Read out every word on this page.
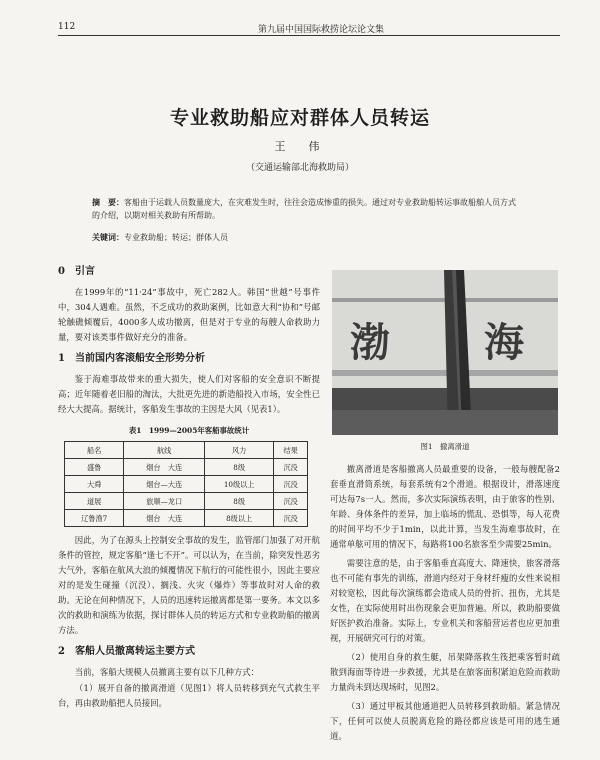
112	第九届中国国际救捞论坛论文集
专业救助船应对群体人员转运
王　伟
（交通运输部北海救助局）
摘　要：客船由于运载人员数量庞大，在灾难发生时，往往会造成惨重的损失。通过对专业救助船转运事故船舶人员方式的介绍，以期对相关救助有所帮助。
关键词：专业救助船；转运；群体人员
0　引言

在1999年的“11·24”事故中，死亡282人。韩国“世越”号事件中，304人遇难。虽然，不乏成功的救助案例，比如意大利“协和”号邮轮触礁倾覆后，4000多人成功撤离，但是对于专业的每艘人命救助力量，要对该类事件做好充分的准备。

1　当前国内客滚船安全形势分析

鉴于海难事故带来的重大损失，使人们对客船的安全意识不断提高；近年随着老旧船的淘汰，大批更先进的新造船投入市场，安全性已经大大提高。据统计，客船发生事故的主因是大风（见表1）。

表1　1999—2005年客船事故统计
船名	航线	风力	结果
盛鲁	烟台　大连	8级	沉没
大舜	烟台—大连	10级以上	沉没
道展	旅顺—龙口	8级	沉没
辽鲁渔7	烟台　大连	8级以上	沉没

因此，为了在源头上控制安全事故的发生，监管部门加强了对开航条件的管控，规定客船“逢七不开”。可以认为，在当前，除突发性恶劣大气外，客船在航风大浪的倾覆情况下航行的可能性很小，因此主要应对的是发生碰撞（沉没）、搁浅、火灾（爆炸）等事故时对人命的救助。无论在何种情况下，人员的迅速转运撤离都是第一要务。本文以多次的救助和演练为依据，探讨群体人员的转运方式和专业救助船的撤离方法。

2　客船人员撤离转运主要方式

当前，客船大规模人员撤离主要有以下几种方式：

（1）展开自备的撤离滑道（见图1）将人员转移到充气式救生平台，再由救助船把人员接回。

渤 海
图1　撤离滑道

撤离滑道是客船撤离人员最重要的设备，一般每艘配备2套垂直滑筒系统，每套系统有2个滑道。根据设计，滑落速度可达每7s一人。然而，多次实际演练表明，由于旅客的性别、年龄、身体条件的差异，加上临场的慌乱、恐惧等，每人花费的时间平均不少于1min，以此计算，当发生海难事故时，在通常单舷可用的情况下，每路将100名旅客至少需要25min。

需要注意的是，由于客船垂直高度大、降速快，旅客滑落也不可能有事先的训练，滑道内经对于身材纤瘦的女性来说相对较宽松，因此每次演练都会造成人员的骨折、扭伤，尤其是女性，在实际使用时出伤现象会更加普遍。所以，救助船要做好医护救治准备。实际上，专业机关和客船营运者也应更加重视，开展研究可行的对策。

（2）使用自身的救生艇，吊架降落救生筏把乘客暂时疏散到海面等待进一步救援，尤其是在旅客面积紧迫危险而救助力量尚未到达现场时，见图2。

（3）通过甲板其他通道把人员转移到救助船。紧急情况下，任何可以使人员脱离危险的路径都应该是可用的逃生通道。
